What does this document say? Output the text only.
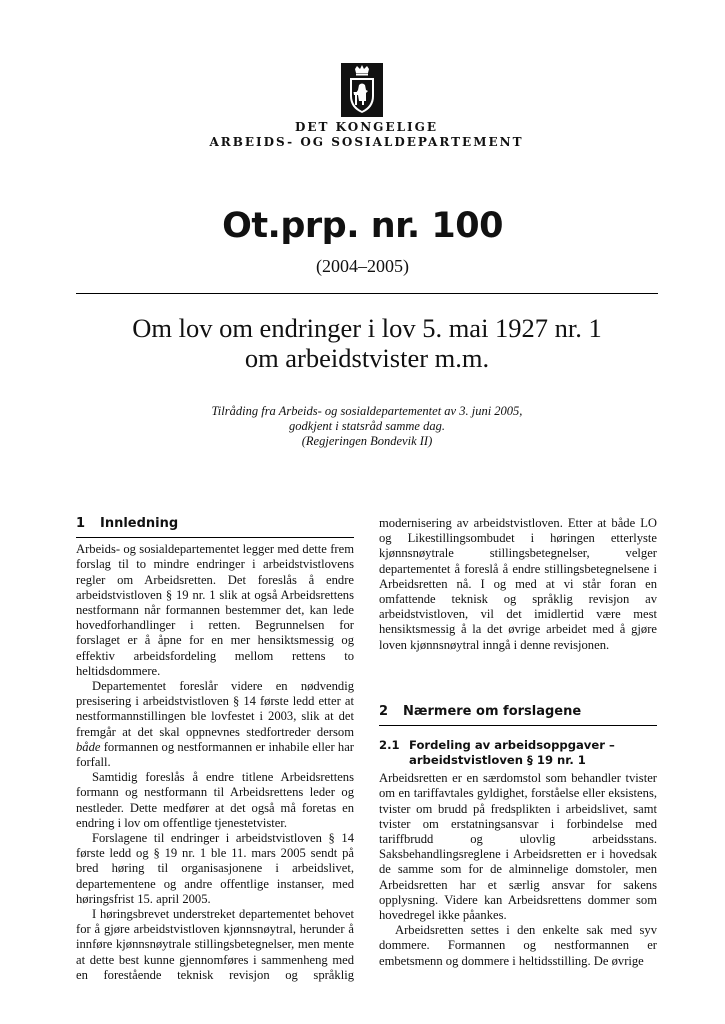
DET KONGELIGE
ARBEIDS- OG SOSIALDEPARTEMENT
Ot.prp. nr. 100
(2004–2005)
Om lov om endringer i lov 5. mai 1927 nr. 1
om arbeidstvister m.m.
Tilråding fra Arbeids- og sosialdepartementet av 3. juni 2005,
godkjent i statsråd samme dag.
(Regjeringen Bondevik II)
1	Innledning

Arbeids- og sosialdepartementet legger med dette frem forslag til to mindre endringer i arbeidstvistlovens regler om Arbeidsretten. Det foreslås å endre arbeidstvistloven § 19 nr. 1 slik at også Arbeidsrettens nestformann når formannen bestemmer det, kan lede hovedforhandlinger i retten. Begrunnelsen for forslaget er å åpne for en mer hensiktsmessig og effektiv arbeidsfordeling mellom rettens to heltidsdommere.

Departementet foreslår videre en nødvendig presisering i arbeidstvistloven § 14 første ledd etter at nestformannstillingen ble lovfestet i 2003, slik at det fremgår at det skal oppnevnes stedfortreder dersom både formannen og nestformannen er inhabile eller har forfall.

Samtidig foreslås å endre titlene Arbeidsrettens formann og nestformann til Arbeidsrettens leder og nestleder. Dette medfører at det også må foretas en endring i lov om offentlige tjenestetvister.

Forslagene til endringer i arbeidstvistloven § 14 første ledd og § 19 nr. 1 ble 11. mars 2005 sendt på bred høring til organisasjonene i arbeidslivet, departementene og andre offentlige instanser, med høringsfrist 15. april 2005.

I høringsbrevet understreket departementet behovet for å gjøre arbeidstvistloven kjønnsnøytral, herunder å innføre kjønnsnøytrale stillingsbetegnelser, men mente at dette best kunne gjennomføres i sammenheng med en forestående teknisk revisjon og språklig

modernisering av arbeidstvistloven. Etter at både LO og Likestillingsombudet i høringen etterlyste kjønnsnøytrale stillingsbetegnelser, velger departementet å foreslå å endre stillingsbetegnelsene i Arbeidsretten nå. I og med at vi står foran en omfattende teknisk og språklig revisjon av arbeidstvistloven, vil det imidlertid være mest hensiktsmessig å la det øvrige arbeidet med å gjøre loven kjønnsnøytral inngå i denne revisjonen.

2	Nærmere om forslagene
2.1 Fordeling av arbeidsoppgaver –
arbeidstvistloven § 19 nr. 1

Arbeidsretten er en særdomstol som behandler tvister om en tariffavtales gyldighet, forståelse eller eksistens, tvister om brudd på fredsplikten i arbeidslivet, samt tvister om erstatningsansvar i forbindelse med tariffbrudd og ulovlig arbeidsstans. Saksbehandlingsreglene i Arbeidsretten er i hovedsak de samme som for de alminnelige domstoler, men Arbeidsretten har et særlig ansvar for sakens opplysning. Videre kan Arbeidsrettens dommer som hovedregel ikke påankes.

Arbeidsretten settes i den enkelte sak med syv dommere. Formannen og nestformannen er embetsmenn og dommere i heltidsstilling. De øvrige
